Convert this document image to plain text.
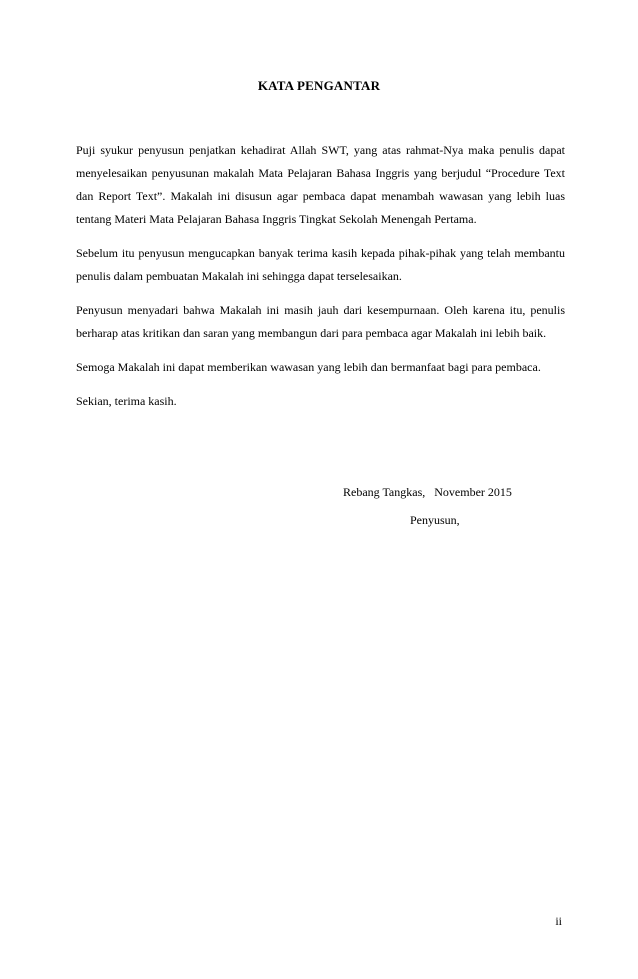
KATA PENGANTAR

Puji syukur penyusun penjatkan kehadirat Allah SWT, yang atas rahmat-Nya maka penulis dapat menyelesaikan penyusunan makalah Mata Pelajaran Bahasa Inggris yang berjudul “Procedure Text dan Report Text”. Makalah ini disusun agar pembaca dapat menambah wawasan yang lebih luas tentang Materi Mata Pelajaran Bahasa Inggris Tingkat Sekolah Menengah Pertama.

Sebelum itu penyusun mengucapkan banyak terima kasih kepada pihak-pihak yang telah membantu penulis dalam pembuatan Makalah ini sehingga dapat terselesaikan.

Penyusun menyadari bahwa Makalah ini masih jauh dari kesempurnaan. Oleh karena itu, penulis berharap atas kritikan dan saran yang membangun dari para pembaca agar Makalah ini lebih baik.

Semoga Makalah ini dapat memberikan wawasan yang lebih dan bermanfaat bagi para pembaca.

Sekian, terima kasih.

Rebang Tangkas,   November 2015
Penyusun,
ii
